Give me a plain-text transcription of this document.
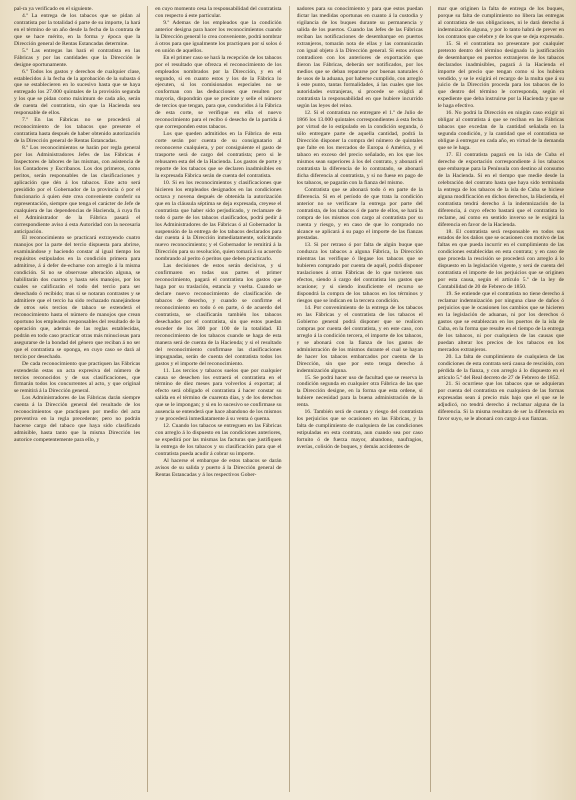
pal-ra ya verificado en el siguiente.

4.º La entrega de los tabacos que se pidan al contratista por la totalidad ó parte de su importe, la hará en el término de un año desde la fecha de la contrata de que se hace mérito, en la forma y época que la Dirección general de Rentas Estancadas determine.

5.º Las entregas las hará el contratista en las Fábricas y por las cantidades que la Dirección le designe oportunamente.

6.º Todos los gastos y derechos de cualquier clase, establecidos á la fecha de la aprobación de la subasta ó que se establecieren en lo sucesivo hasta que se haya entregado los 27.000 quintales de la provisión segunda y los que se pidan como máximum de cada año, serán de cuenta del contratista, sin que la Hacienda sea responsable de ellos.

7.º En las Fábricas no se procederá al reconocimiento de los tabacos que presente el contratista hasta después de haber obtenido autorización de la Dirección general de Rentas Estancadas.

8.º Los reconocimientos se harán por regla general por los Administradores Jefes de las Fábricas é Inspectores de labores de las mismas, con asistencia de los Contadores y Escribanos. Los dos primeros, como peritos, serán responsables de las clasificaciones y aplicación que dén á los tabacos. Este acto será presidido por el Gobernador de la provincia ó por el funcionario á quien éste crea conveniente conferir su representación, siempre que tenga el carácter de Jefe de cualquiera de las dependencias de Hacienda, á cuya fin el Administrador de la Fábrica pasará el correspondiente aviso á esta Autoridad con la necesaria anticipación.

El reconocimiento se practicará extrayendo cuatro manojos por la parte del tercio dispuesta para abrirse, examinándose y haciendo constar al igual tiempo los requisitos estipulados en la condición primera para admitirse, á á defer de-echarse con arreglo á la misma condición. Si no se observase alteración alguna, se habilitarán dos cuartos y hasta seis manojos, por los cuales se calificarán el todo del tercio para ser desechado ó recibido; mas si se notaran contrastes y se admitiere que el tercio ha sido rechazado manejándose de otros seis tercios de tabaco se extenderá el reconocimiento hasta el número de manojos que crean oportuno los empleados responsables del resultado de la operación que, además de las reglas establecidas, podrán en todo caso practicar otras más minuciosas para asegurarse de la bondad del género que reciban á no ser que el contratista se oponga, en cuyo caso se dará al tercio por desechado.

De cada reconocimiento que practiquen las Fábricas extenderán estas un acta expresiva del número de tercios reconocidos y de sus clasificaciones, que firmarán todos los concurrentes al acto, y que original se remitirá á la Dirección general.

Los Administradores de las Fábricas darán siempre cuenta á la Dirección general del resultado de los reconocimientos que practiquen por medio del acta preventiva en la regla precedente; pero no podrán hacerse cargo del tabaco que haya sido clasificado admisible, hasta tanto que la misma Dirección les autorice competentemente para ello, y

en cuyo momento cesa la responsabilidad del contratista con respecto á este particular.

9.º Ademas de los empleados que la condición anterior designa para hacer los reconocimientos cuando la Dirección general lo crea conveniente, podrá nombrar á otros para que igualmente los practiquen por sí solos ó en unión de aquellos.

En el primer caso se hará la recepción de los tabacos por el resultado que ofrezca el reconocimiento de los empleados nombrados por la Dirección, y en el segundo, si en cuanto estos y los de la Fábrica lo ejecuten, si los comisionados especiales no se conforman con las deducciones que resulten por mayoría, dispondrán que se precinte y selle el número de tercios que tengan, para que, conducidos á la Fábrica de esta corte, se verifique en ella el nuevo reconocimiento para el recibo ó desecho de la partida á que corresponden estos tabacos.

Los que queden admitidos en la Fábrica de esta corte serán por cuenta de su consignatario al reconocerse cualquiera, y por consiguiente el gasto de trasporte será de cargo del contratista; pero si le rehusaren esta del de la Hacienda. Los gastos de porte y reporte de los tabacos que se declaren inadmisibles en la expresada Fábrica serán de cuenta del contratista.

10. Si en los reconocimientos y clasificaciones que hicieren los empleados designados en las condiciones octava y novena después de obtenida la autorización que en la cláusula séptima se deja expresada, creyese el contratista que haber sido perjudicado, y reclamare de todo ó parte de los tabacos clasificados, podrá pedir á los Administradores de las Fábricas ó al Gobernador la suspensión de la entrega de los tabacos declarados para dar cuenta á la Dirección inmediatamente, solicitando nuevo reconocimiento; y el Gobernador le remitirá á la Dirección para su resolución, quien tomará á su acuerdo nombrando al perito ó peritos que deben practicarlo.

Las decisiones de estos serán decisivas, y si confirmaren en todas sus partes el primer reconocimiento, pagará el contratista los gastos que haga por su traslación, estancia y vuelta. Cuando se declare nuevo reconocimiento de clasificación de tabacos de desecho, y cuando se confirme el reconocimiento en todo ó en parte, ó de acuerdo del contratista, se clasificarán también los tabacos desechados por el contratista, sin que estos puedan exceder de los 300 por 100 de la totalidad. El reconocimiento de los tabacos cuando se haga de esta manera será de cuenta de la Hacienda; y si el resultado del reconocimiento confirmase las clasificaciones impugnadas, serán de cuenta del contratista todos los gastos y el importe del reconocimiento.

11. Los tercios y tabacos suelos que por cualquier causa se desechen los extraerá el contratista en el término de diez meses para volverlos á exportar; al efecto será obligado el contratista á hacer constar su salida en el término de cuarenta días, y de los derechos que se le impongan; y si en lo sucesivo se confirmase su ausencia se entenderá que hace abandono de los mismos y se procederá inmediatamente á su venta ó quema.

12. Cuando los tabacos se entreguen en las Fábricas con arreglo á lo dispuesto en las condiciones anteriores, se expedirá por las mismas las facturas que justifiquen la entrega de los tabacos y su clasificación para que el contratista pueda acudir á cobrar su importe.

Al hacerse el embarque de estos tabacos se darán avisos de su salida y puerto á la Dirección general de Rentas Estancadas y á los respectivos Gober-

nadores para su conocimiento y para que estos puedan dictar las medidas oportunas en cuanto á la custodia y vigilancia de los buques durante su permanencia y salida de los puertos. Cuando las Jefes de las Fábricas reciban las notificaciones de desembarque en puertos extranjeros, tomarán nota de ellas y las comunicarán con igual objeto á la Dirección general. Si estos avisos contradicen con los anteriores de exportación que dieron las Fábricas, deberán ser notificados, por los medios que se deban repararse por buenas naturales ó de usos de la aduana, por haberse cumplido, con arreglo á este punto, tantas formalidades, á las cuales que los autoridades extranjeras, si procede se exigirá al contratista la responsabilidad en que hubiere incurrido según las leyes del reino.

12. Si el contratista no entregare el 1.º de Julio de 1866 los 13.000 quintales correspondientes á esta fecha por virtud de lo estipulado en la condición segunda, ó sólo entregare parte de aquella cantidad, podrá la Dirección disponer la compra del número de quintales que falte en los mercados de Europa ó América, y el tabaco en exceso del precio señalado, en los que los mismos sean superiores á los del contrato, y abonará el contratista la diferencia de lo contratado, se abonará dicha diferencia al contratista, y si no fuese en pago de los tabacos, se pagarán con la fianza del mismo.

Contratista que se abonará todo ó en parte de la diferencia. Si en el período de que trata la condición anterior no se verificare la entrega por parte del contratista, de los tabacos ó de parte de ellos, se hará la compra de los mismos con cargo al contratista por su cuenta y riesgo, y en caso de que lo comprado no alcance se aplicará á su pago el importe de las fianzas prestadas.

13. Si por retraso ó por falta de algún buque que conduzca los tabacos a alguna Fábrica, la Dirección mientras las verifique ó llegase los tabacos que se hubieren comprado por cuenta de aquél, podrá disponer traslaciones á otras Fábricas de lo que tuvieren sus efectos, siendo á cargo del contratista los gastos que ocasione; y si siendo insuficiente el recurso se dispondrá la compra de los tabacos en los términos y riesgos que se indican en la tercera condición.

14. Por convenimiento de la entrega de los tabacos en las Fábricas y el contratista de los tabacos el Gobierno general podrá disponer que se realicen compras por cuenta del contratista, y en este caso, con arreglo á la condición tercera, el importe de los tabacos, y se abonará con la fianza de los gastos de administración de los mismos durante el cual se hayan de hacer los tabacos embarcados por cuenta de la Dirección, sin que por esto tenga derecho á indemnización alguna.

15. Se podrá hacer uso de facultad que se reserva la condición segunda en cualquier otra Fábrica de las que la Dirección designe, en la forma que esta ordene, si hubiere necesidad para la buena administración de la renta.

16. También será de cuenta y riesgo del contratista los perjuicios que se ocasionen en las Fábricas, y la falta de cumplimiento de cualquiera de las condiciones estipuladas en esta contrata, aun cuando sea por caso fortuito ó de fuerza mayor, abandono, naufragios, averías, colisión de buques, y demás accidentes de

mar que originen la falta de entrega de los buques, porque su falta de cumplimiento no libera las entregas al contratista de sus obligaciones, ni le dará derecho á indemnización alguna, y por lo tanto habrá de prever en los contratos que celebre y de los que se deja expresado.

15. Si el contratista no presentare por cualquier pretexto dentro del término designado la justificación de desembarque en puertos extranjeros de los tabacos declarados inadmisibles, pagará á la Hacienda el importe del precio que tengan como si los hubiera vendido, y se le exigirá el recargo de la multa que á su juicio de la Dirección proceda para los tabacos de lo que dentro del término le corresponda, según el expediente que deba instruirse por la Hacienda y que se le haga efectivo.

16. No podrá la Dirección en ningún caso exigir ni obligar al contratista á que se reciban en las Fábricas tabacos que excedan de la cantidad señalada en la segunda condición, y la cantidad que el contratista se obligue á entregar en cada año, en virtud de la demanda que se le haga.

17. El contratista pagará en la isla de Cuba el derecho de exportación correspondiente á los tabacos que embarque para la Península con destino al consumo de la Hacienda. Si en el tiempo que medie desde la celebración del contrato hasta que haya sido terminada la entrega de los tabacos de la isla de Cuba se hiciese alguna modificación en dichos derechos, la Hacienda, el contratista tendrá derecho á la indemnización de la diferencia, á cuyo efecto bastará que el contratista lo reclame, así como en sentido inverso se le exigirá la diferencia en favor de la Hacienda.

18. El contratista será responsable en todos sus estados de los daños que se ocasionen con motivo de las faltas en que pueda incurrir en el cumplimiento de las condiciones establecidas en esta contrata; y en caso de que proceda la rescisión se procederá con arreglo á lo dispuesto en la legislación vigente, y será de cuenta del contratista el importe de los perjuicios que se originen por esta causa, según el artículo 5.º de la ley de Contabilidad de 20 de Febrero de 1850.

19. Se entiende que el contratista no tiene derecho á reclamar indemnización por ninguna clase de daños ó perjuicios que le ocasionen los cambios que se hicieren en la legislación de aduanas, ni por los derechos ó gastos que se establezcan en los puertos de la isla de Cuba, en la forma que resulte en el tiempo de la entrega de los tabacos, ni por cualquiera de las causas que puedan alterar los precios de los tabacos en los mercados extranjeros.

20. La falta de cumplimiento de cualquiera de las condiciones de esta contrata será causa de rescisión, con pérdida de la fianza, y con arreglo á lo dispuesto en el artículo 5.º del Real decreto de 27 de Febrero de 1852.

21. Si ocurriese que los tabacos que se adquieran por cuenta del contratista en cualquiera de las formas expresadas sean á precio más bajo que el que se le adjudicó, no tendrá derecho á reclamar alguna de la diferencia. Si la misma resultara de ser la diferencia en favor suyo, se le abonará con cargo á sus fianzas.
